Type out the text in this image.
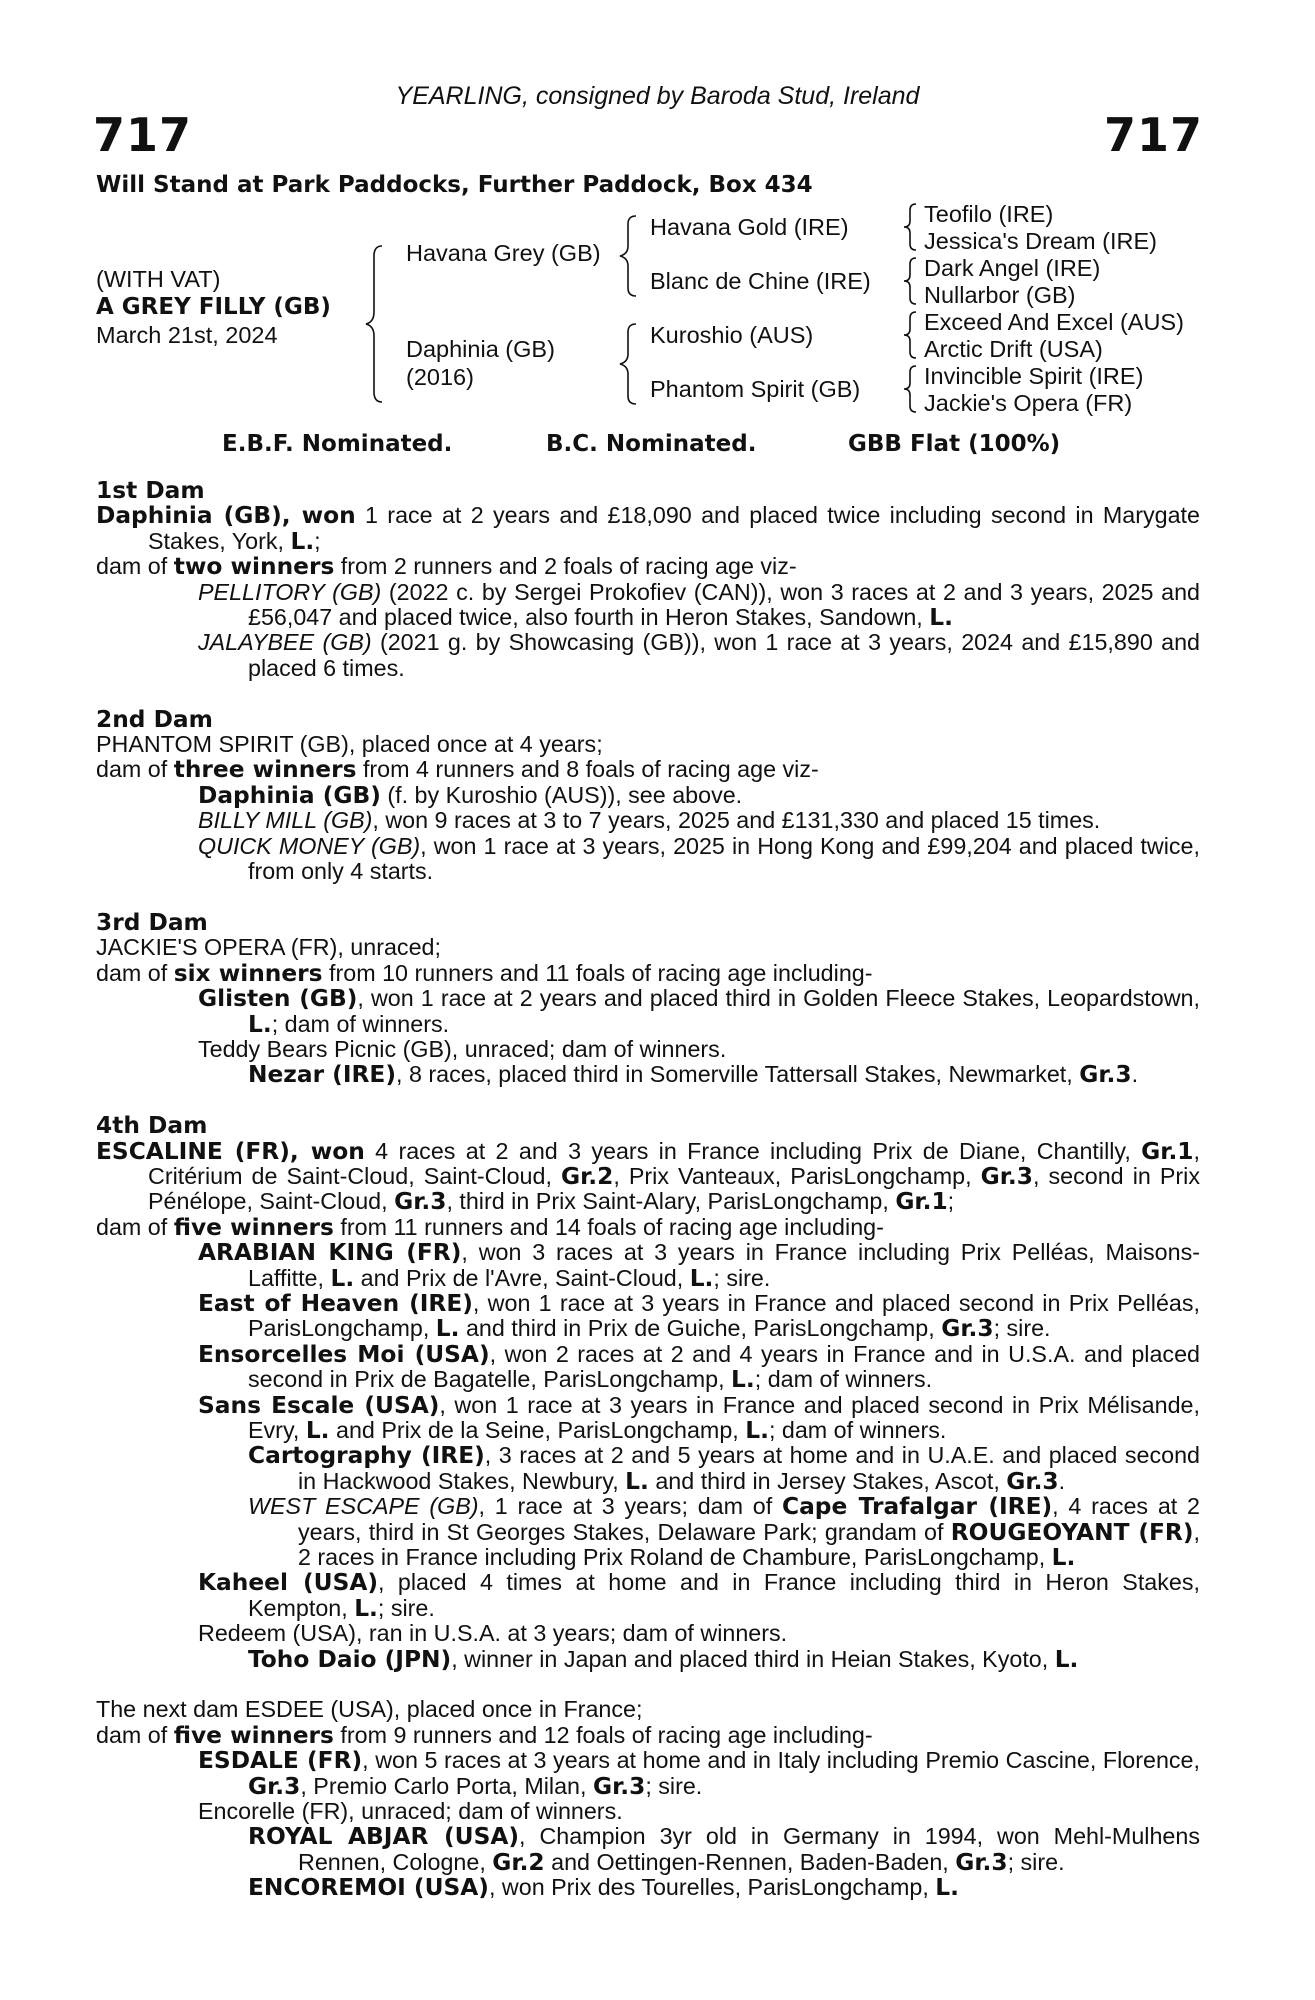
YEARLING, consigned by Baroda Stud, Ireland
717	717
Will Stand at Park Paddocks, Further Paddock, Box 434
(WITH VAT)
A GREY FILLY (GB)
March 21st, 2024
Havana Grey (GB)
Daphinia (GB)
(2016)
Havana Gold (IRE)
Blanc de Chine (IRE)
Kuroshio (AUS)
Phantom Spirit (GB)
Teofilo (IRE)
Jessica's Dream (IRE)
Dark Angel (IRE)
Nullarbor (GB)
Exceed And Excel (AUS)
Arctic Drift (USA)
Invincible Spirit (IRE)
Jackie's Opera (FR)
E.B.F. Nominated.	B.C. Nominated.	GBB Flat (100%)

1st Dam

Daphinia (GB), won 1 race at 2 years and £18,090 and placed twice including second in Marygate Stakes, York, L.;

dam of two winners from 2 runners and 2 foals of racing age viz-

PELLITORY (GB) (2022 c. by Sergei Prokofiev (CAN)), won 3 races at 2 and 3 years, 2025 and £56,047 and placed twice, also fourth in Heron Stakes, Sandown, L.

JALAYBEE (GB) (2021 g. by Showcasing (GB)), won 1 race at 3 years, 2024 and £15,890 and placed 6 times.

2nd Dam

PHANTOM SPIRIT (GB), placed once at 4 years;

dam of three winners from 4 runners and 8 foals of racing age viz-

Daphinia (GB) (f. by Kuroshio (AUS)), see above.

BILLY MILL (GB), won 9 races at 3 to 7 years, 2025 and £131,330 and placed 15 times.

QUICK MONEY (GB), won 1 race at 3 years, 2025 in Hong Kong and £99,204 and placed twice, from only 4 starts.

3rd Dam

JACKIE'S OPERA (FR), unraced;

dam of six winners from 10 runners and 11 foals of racing age including-

Glisten (GB), won 1 race at 2 years and placed third in Golden Fleece Stakes, Leopardstown, L.; dam of winners.

Teddy Bears Picnic (GB), unraced; dam of winners.

Nezar (IRE), 8 races, placed third in Somerville Tattersall Stakes, Newmarket, Gr.3.

4th Dam

ESCALINE (FR), won 4 races at 2 and 3 years in France including Prix de Diane, Chantilly, Gr.1, Critérium de Saint-Cloud, Saint-Cloud, Gr.2, Prix Vanteaux, ParisLongchamp, Gr.3, second in Prix Pénélope, Saint-Cloud, Gr.3, third in Prix Saint-Alary, ParisLongchamp, Gr.1;

dam of five winners from 11 runners and 14 foals of racing age including-

ARABIAN KING (FR), won 3 races at 3 years in France including Prix Pelléas, Maisons-Laffitte, L. and Prix de l'Avre, Saint-Cloud, L.; sire.

East of Heaven (IRE), won 1 race at 3 years in France and placed second in Prix Pelléas, ParisLongchamp, L. and third in Prix de Guiche, ParisLongchamp, Gr.3; sire.

Ensorcelles Moi (USA), won 2 races at 2 and 4 years in France and in U.S.A. and placed second in Prix de Bagatelle, ParisLongchamp, L.; dam of winners.

Sans Escale (USA), won 1 race at 3 years in France and placed second in Prix Mélisande, Evry, L. and Prix de la Seine, ParisLongchamp, L.; dam of winners.

Cartography (IRE), 3 races at 2 and 5 years at home and in U.A.E. and placed second in Hackwood Stakes, Newbury, L. and third in Jersey Stakes, Ascot, Gr.3.

WEST ESCAPE (GB), 1 race at 3 years; dam of Cape Trafalgar (IRE), 4 races at 2 years, third in St Georges Stakes, Delaware Park; grandam of ROUGEOYANT (FR), 2 races in France including Prix Roland de Chambure, ParisLongchamp, L.

Kaheel (USA), placed 4 times at home and in France including third in Heron Stakes, Kempton, L.; sire.

Redeem (USA), ran in U.S.A. at 3 years; dam of winners.

Toho Daio (JPN), winner in Japan and placed third in Heian Stakes, Kyoto, L.

The next dam ESDEE (USA), placed once in France;

dam of five winners from 9 runners and 12 foals of racing age including-

ESDALE (FR), won 5 races at 3 years at home and in Italy including Premio Cascine, Florence, Gr.3, Premio Carlo Porta, Milan, Gr.3; sire.

Encorelle (FR), unraced; dam of winners.

ROYAL ABJAR (USA), Champion 3yr old in Germany in 1994, won Mehl-Mulhens Rennen, Cologne, Gr.2 and Oettingen-Rennen, Baden-Baden, Gr.3; sire.

ENCOREMOI (USA), won Prix des Tourelles, ParisLongchamp, L.
